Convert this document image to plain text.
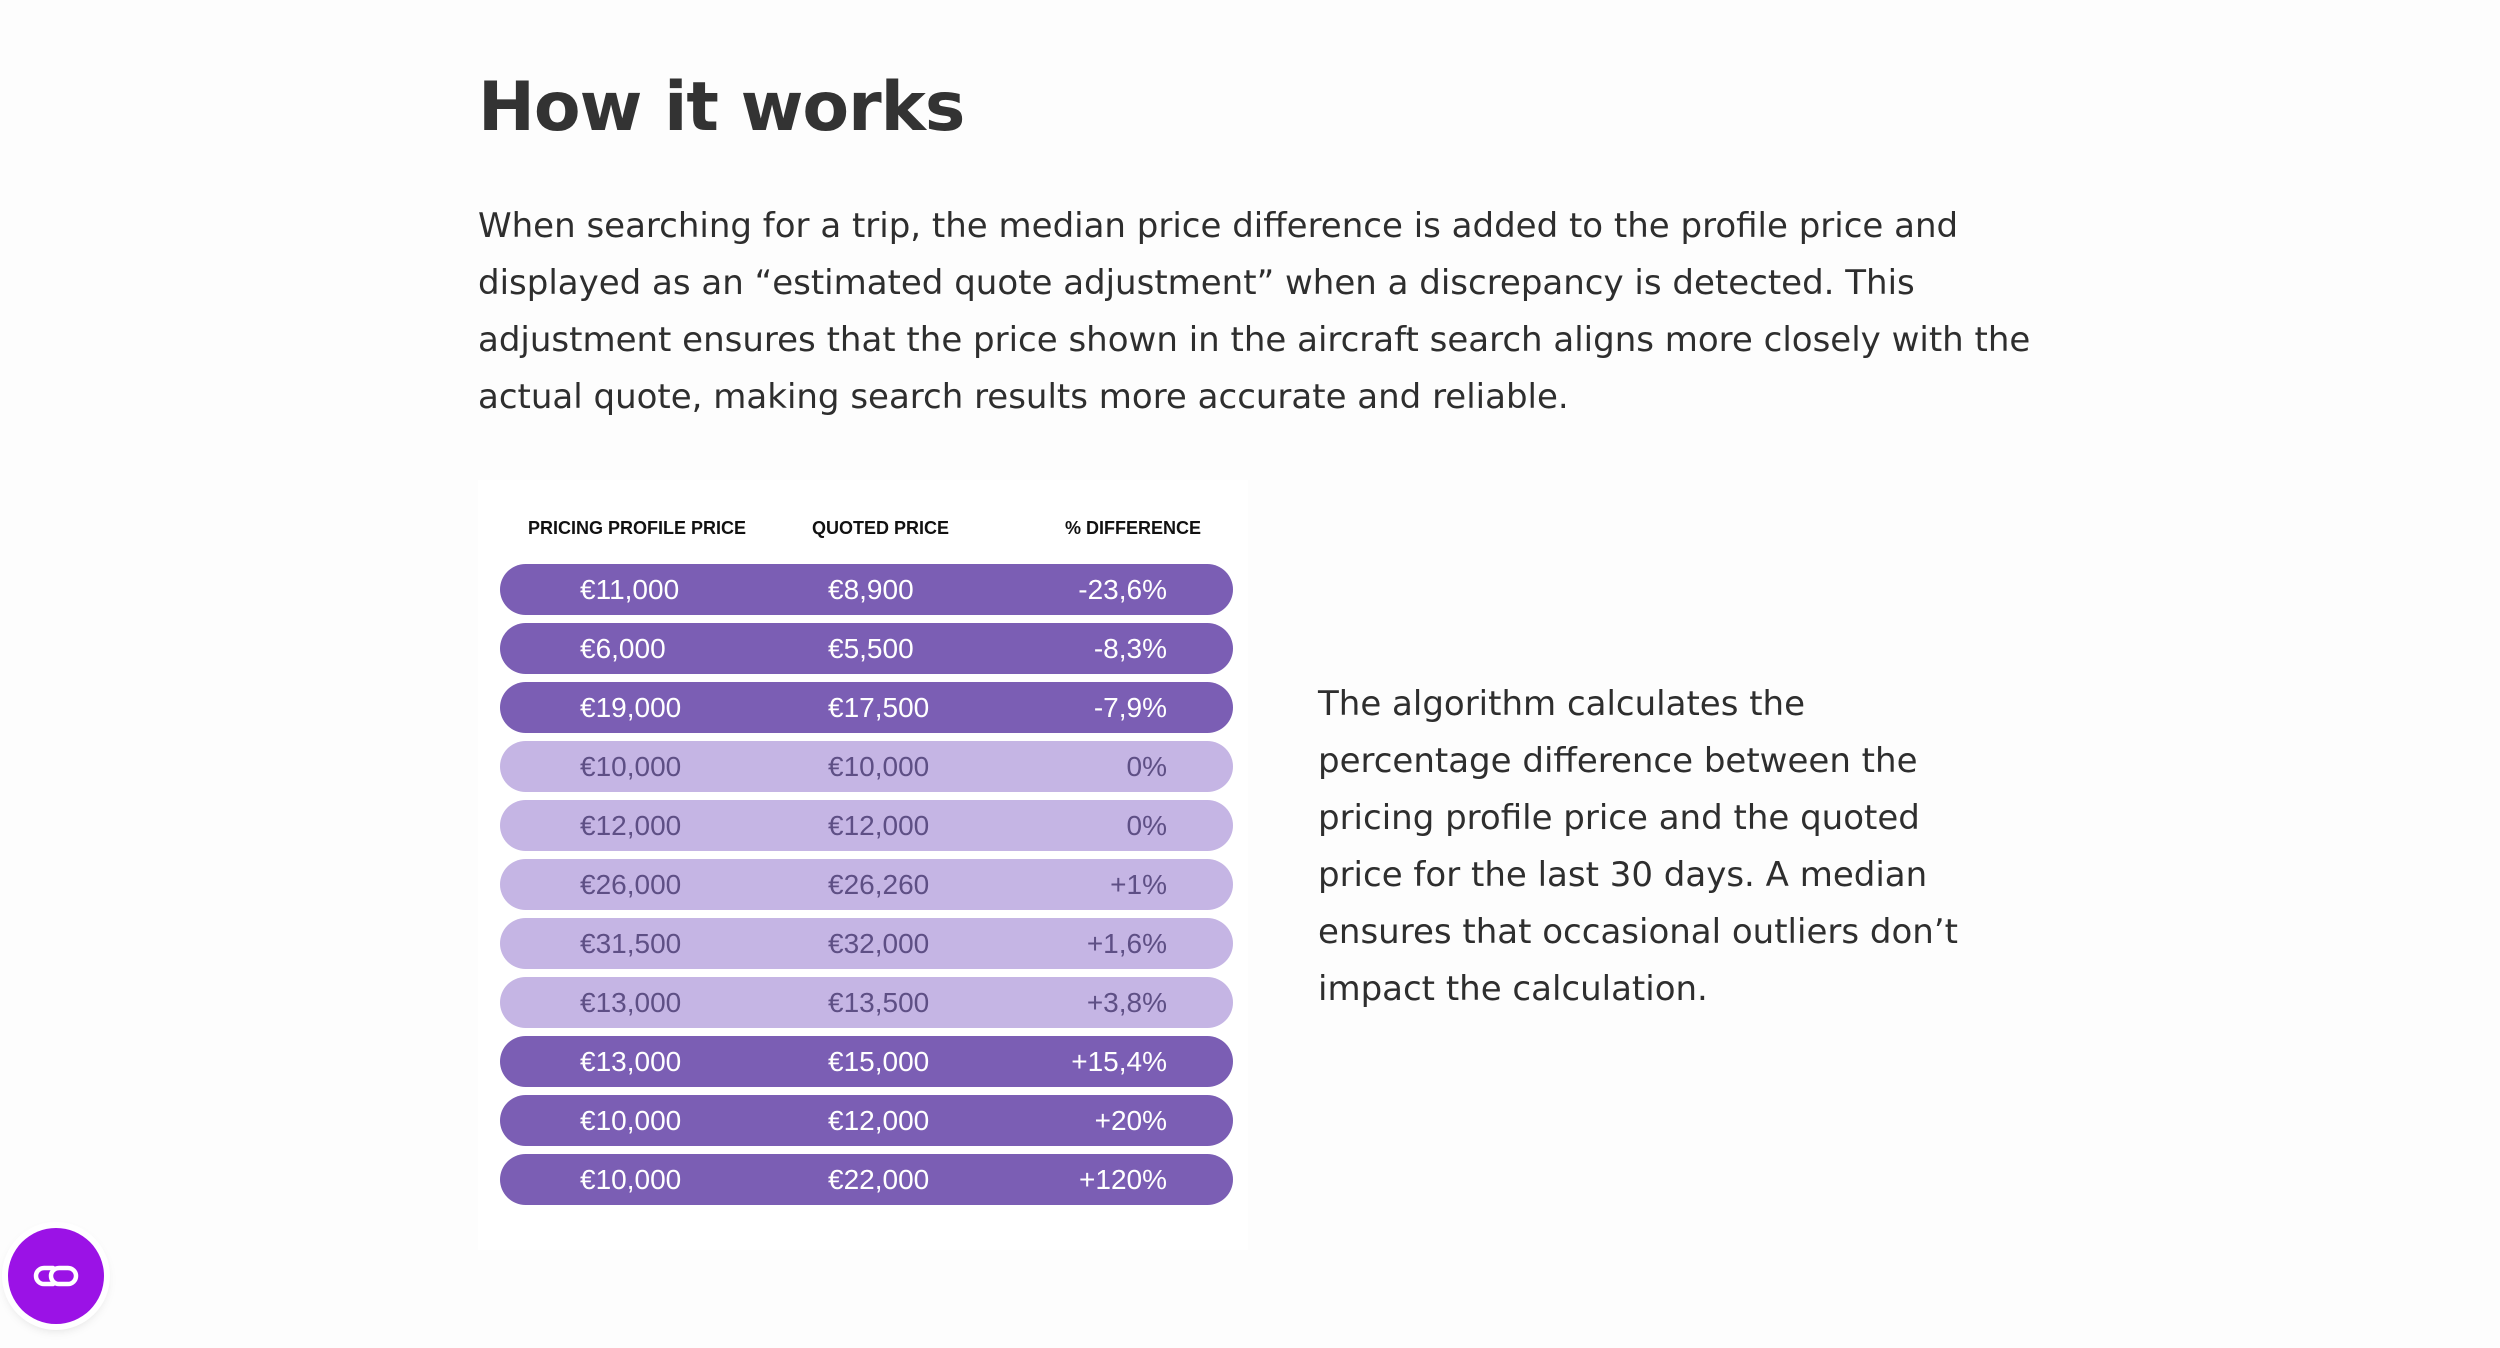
How it works

When searching for a trip, the median price difference is added to the profile price and displayed as an “estimated quote adjustment” when a discrepancy is detected. This adjustment ensures that the price shown in the aircraft search aligns more closely with the actual quote, making search results more accurate and reliable.

PRICING PROFILE PRICE	QUOTED PRICE	% DIFFERENCE
€11,000	€8,900	-23,6%
€6,000	€5,500	-8,3%
€19,000	€17,500	-7,9%
€10,000	€10,000	0%
€12,000	€12,000	0%
€26,000	€26,260	+1%
€31,500	€32,000	+1,6%
€13,000	€13,500	+3,8%
€13,000	€15,000	+15,4%
€10,000	€12,000	+20%
€10,000	€22,000	+120%

The algorithm calculates the percentage difference between the pricing profile price and the quoted price for the last 30 days. A median ensures that occasional outliers don’t impact the calculation.
